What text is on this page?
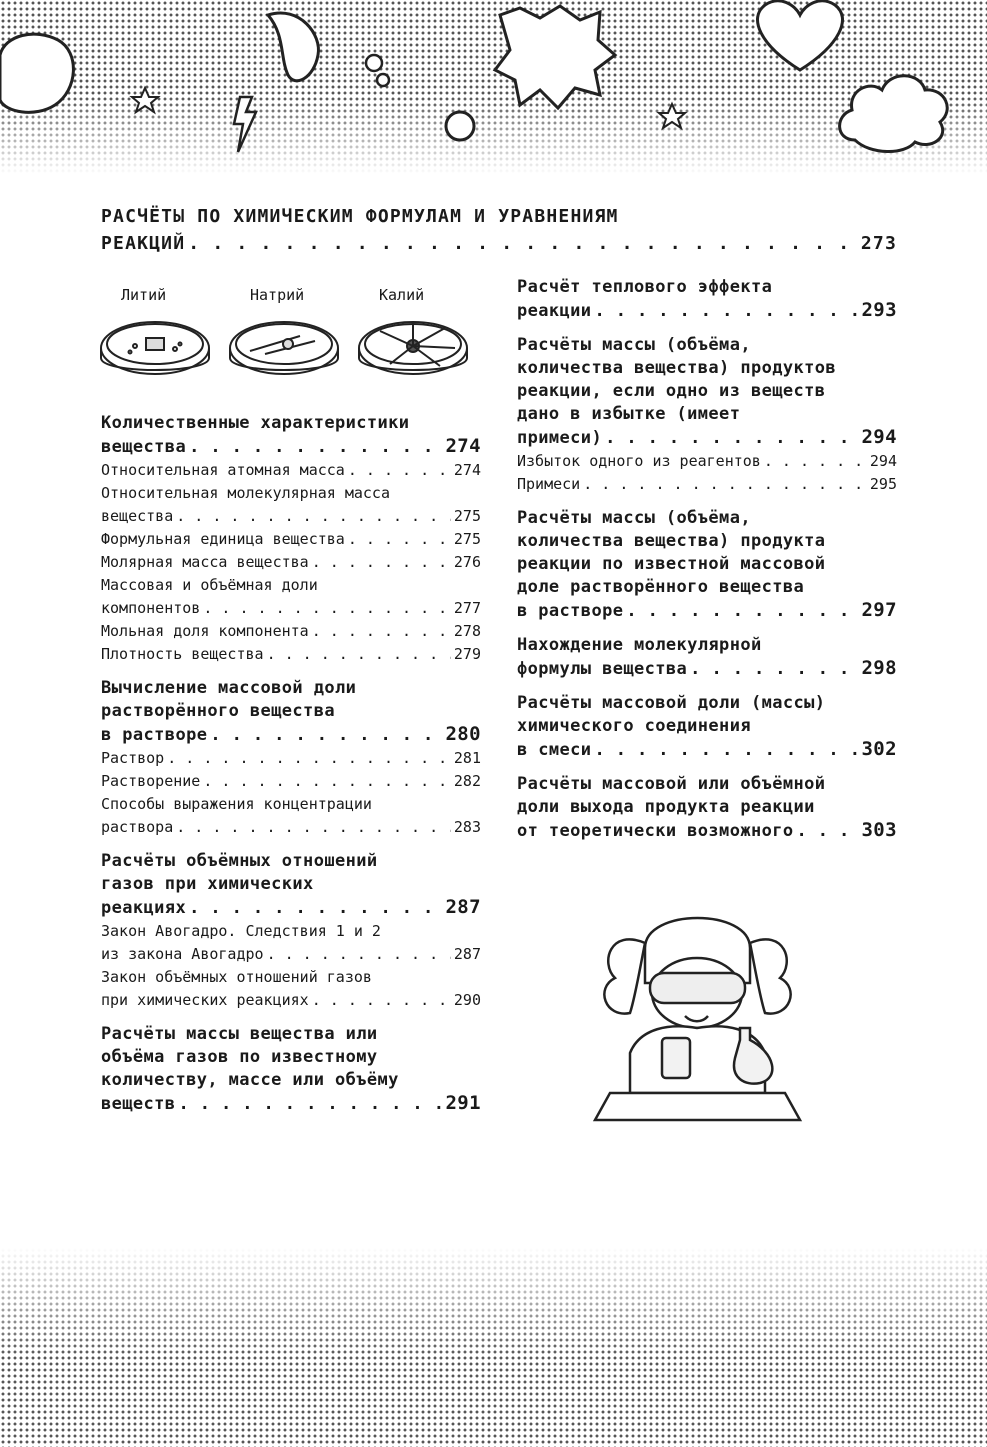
РАСЧЁТЫ ПО ХИМИЧЕСКИМ ФОРМУЛАМ И УРАВНЕНИЯМ
РЕАКЦИЙ . . .	273
Литий	Натрий	Калий
Количественные характеристики
вещества . . .	274
Относительная атомная масса . . .	274
Относительная молекулярная масса
вещества . . .	275
Формульная единица вещества . . .	275
Молярная масса вещества . . .	276
Массовая и объёмная доли
компонентов . . .	277
Мольная доля компонента . . .	278
Плотность вещества . . .	279
Вычисление массовой доли
растворённого вещества
в растворе . . .	280
Раствор . . .	281
Растворение . . .	282
Способы выражения концентрации
раствора . . .	283
Расчёты объёмных отношений
газов при химических
реакциях . . .	287
Закон Авогадро. Следствия 1 и 2
из закона Авогадро . . .	287
Закон объёмных отношений газов
при химических реакциях . . .	290
Расчёты массы вещества или
объёма газов по известному
количеству, массе или объёму
веществ . . .	291
Расчёт теплового эффекта
реакции . . .	293
Расчёты массы (объёма,
количества вещества) продуктов
реакции, если одно из веществ
дано в избытке (имеет
примеси) . . .	294
Избыток одного из реагентов . . .	294
Примеси . . .	295
Расчёты массы (объёма,
количества вещества) продукта
реакции по известной массовой
доле растворённого вещества
в растворе . . .	297
Нахождение молекулярной
формулы вещества . . .	298
Расчёты массовой доли (массы)
химического соединения
в смеси . . .	302
Расчёты массовой или объёмной
доли выхода продукта реакции
от теоретически возможного . . .	303
